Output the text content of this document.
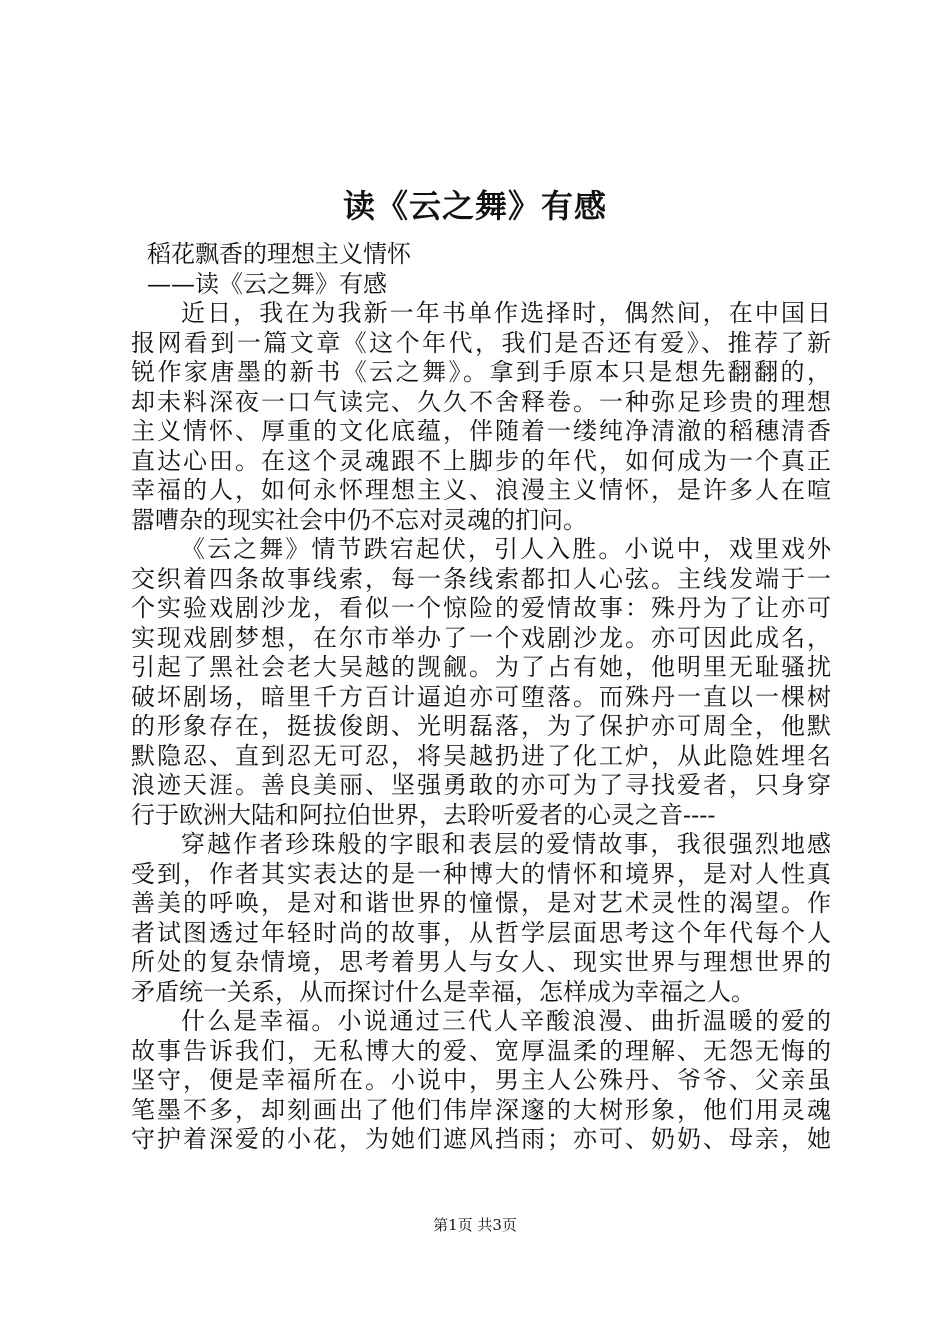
读《云之舞》有感
稻花飘香的理想主义情怀
——读《云之舞》有感
近日，我在为我新一年书单作选择时，偶然间，在中国日
报网看到一篇文章《这个年代，我们是否还有爱》、推荐了新
锐作家唐墨的新书《云之舞》。拿到手原本只是想先翻翻的，
却未料深夜一口气读完、久久不舍释卷。一种弥足珍贵的理想
主义情怀、厚重的文化底蕴，伴随着一缕纯净清澈的稻穗清香
直达心田。在这个灵魂跟不上脚步的年代，如何成为一个真正
幸福的人，如何永怀理想主义、浪漫主义情怀，是许多人在喧
嚣嘈杂的现实社会中仍不忘对灵魂的扪问。
《云之舞》情节跌宕起伏，引人入胜。小说中，戏里戏外
交织着四条故事线索，每一条线索都扣人心弦。主线发端于一
个实验戏剧沙龙，看似一个惊险的爱情故事：殊丹为了让亦可
实现戏剧梦想，在尔市举办了一个戏剧沙龙。亦可因此成名，
引起了黑社会老大吴越的觊觎。为了占有她，他明里无耻骚扰
破坏剧场，暗里千方百计逼迫亦可堕落。而殊丹一直以一棵树
的形象存在，挺拔俊朗、光明磊落，为了保护亦可周全，他默
默隐忍、直到忍无可忍，将吴越扔进了化工炉，从此隐姓埋名
浪迹天涯。善良美丽、坚强勇敢的亦可为了寻找爱者，只身穿
行于欧洲大陆和阿拉伯世界，去聆听爱者的心灵之音----
穿越作者珍珠般的字眼和表层的爱情故事，我很强烈地感
受到，作者其实表达的是一种博大的情怀和境界，是对人性真
善美的呼唤，是对和谐世界的憧憬，是对艺术灵性的渴望。作
者试图透过年轻时尚的故事，从哲学层面思考这个年代每个人
所处的复杂情境，思考着男人与女人、现实世界与理想世界的
矛盾统一关系，从而探讨什么是幸福，怎样成为幸福之人。
什么是幸福。小说通过三代人辛酸浪漫、曲折温暖的爱的
故事告诉我们，无私博大的爱、宽厚温柔的理解、无怨无悔的
坚守，便是幸福所在。小说中，男主人公殊丹、爷爷、父亲虽
笔墨不多，却刻画出了他们伟岸深邃的大树形象，他们用灵魂
守护着深爱的小花，为她们遮风挡雨；亦可、奶奶、母亲，她
第1页 共3页
